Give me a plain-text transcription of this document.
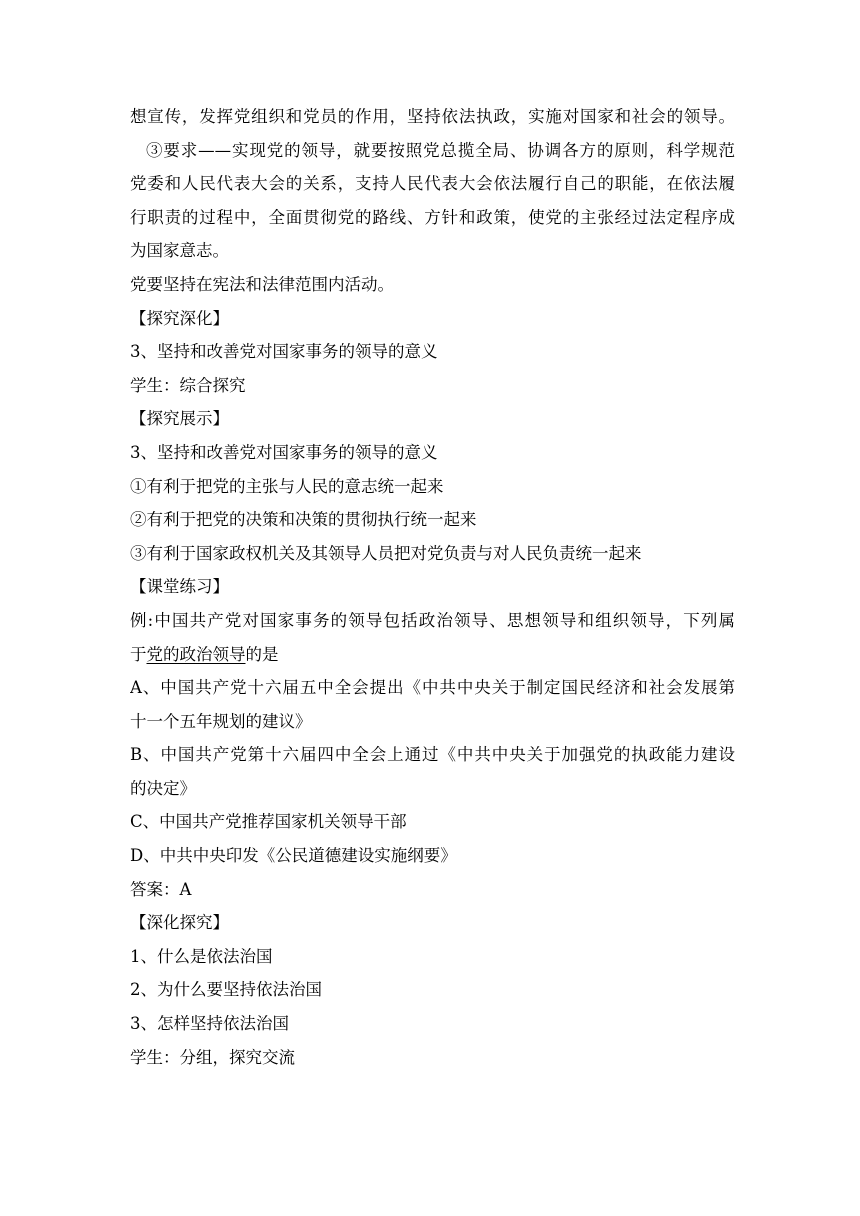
想宣传，发挥党组织和党员的作用，坚持依法执政，实施对国家和社会的领导。
③要求——实现党的领导，就要按照党总揽全局、协调各方的原则，科学规范
党委和人民代表大会的关系，支持人民代表大会依法履行自己的职能，在依法履
行职责的过程中，全面贯彻党的路线、方针和政策，使党的主张经过法定程序成
为国家意志。
党要坚持在宪法和法律范围内活动。
【探究深化】
3、坚持和改善党对国家事务的领导的意义
学生：综合探究
【探究展示】
3、坚持和改善党对国家事务的领导的意义
①有利于把党的主张与人民的意志统一起来
②有利于把党的决策和决策的贯彻执行统一起来
③有利于国家政权机关及其领导人员把对党负责与对人民负责统一起来
【课堂练习】
例:中国共产党对国家事务的领导包括政治领导、思想领导和组织领导，下列属
于党的政治领导的是
A、中国共产党十六届五中全会提出《中共中央关于制定国民经济和社会发展第
十一个五年规划的建议》
B、中国共产党第十六届四中全会上通过《中共中央关于加强党的执政能力建设
的决定》
C、中国共产党推荐国家机关领导干部
D、中共中央印发《公民道德建设实施纲要》
答案：A
【深化探究】
1、什么是依法治国
2、为什么要坚持依法治国
3、怎样坚持依法治国
学生：分组，探究交流
